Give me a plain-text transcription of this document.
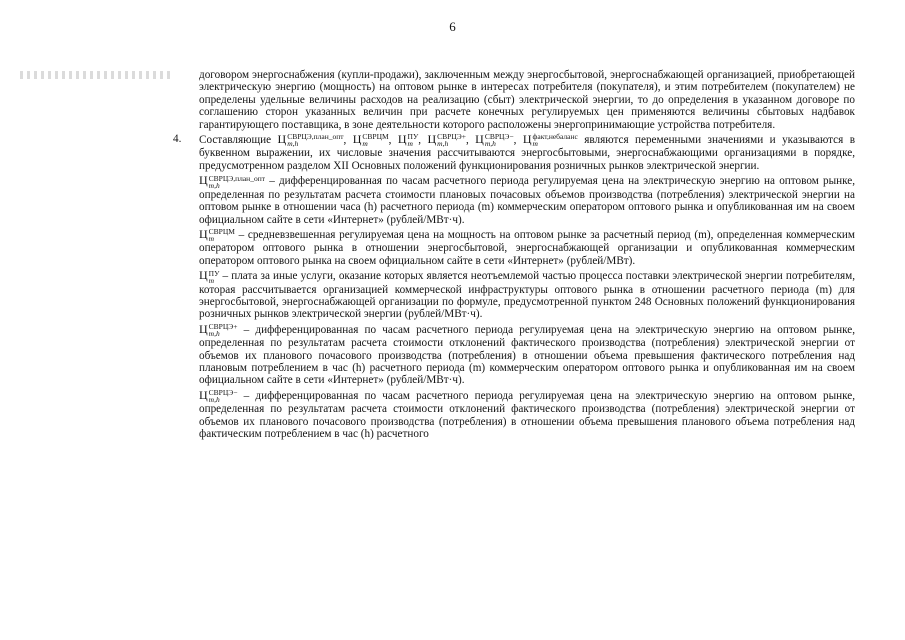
6

договором энергоснабжения (купли-продажи), заключенным между энергосбытовой, энергоснабжающей организацией, приобретающей электрическую энергию (мощность) на оптовом рынке в интересах потребителя (покупателя), и этим потребителем (покупателем) не определены удельные величины расходов на реализацию (сбыт) электрической энергии, то до определения в указанном договоре по соглашению сторон указанных величин при расчете конечных регулируемых цен применяются величины сбытовых надбавок гарантирующего поставщика, в зоне деятельности которого расположены энергопринимающие устройства потребителя.

4. Составляющие Ц СВРЦЭ,план_опт
m,h	, Ц СВРЦМ
m	, Ц ПУ
m , Ц СВРЦЭ+
m,h	, Ц СВРЦЭ−
m,h	, Ц факт,небаланс
m	являются переменными значениями и указываются в буквенном выражении, их числовые значения рассчитываются энергосбытовыми, энергоснабжающими организациями в порядке, предусмотренном разделом XII Основных положений функционирования розничных рынков электрической энергии.

Ц СВРЦЭ,план_опт
m,h	– дифференцированная по часам расчетного периода регулируемая цена на электрическую энергию на оптовом рынке, определенная по результатам расчета стоимости плановых почасовых объемов производства (потребления) электрической энергии на оптовом рынке в отношении часа (h) расчетного периода (m) коммерческим оператором оптового рынка и опубликованная им на своем официальном сайте в сети «Интернет» (рублей/МВт·ч).

Ц СВРЦМ
m	– средневзвешенная регулируемая цена на мощность на оптовом рынке за расчетный период (m), определенная коммерческим оператором оптового рынка в отношении энергосбытовой, энергоснабжающей организации и опубликованная коммерческим оператором оптового рынка на своем официальном сайте в сети «Интернет» (рублей/МВт).

Ц ПУ
m – плата за иные услуги, оказание которых является неотъемлемой частью процесса поставки электрической энергии потребителям, которая рассчитывается организацией коммерческой инфраструктуры оптового рынка в отношении расчетного периода (m) для энергосбытовой, энергоснабжающей организации по формуле, предусмотренной пунктом 248 Основных положений функционирования розничных рынков электрической энергии (рублей/МВт·ч).

Ц СВРЦЭ+
m,h	– дифференцированная по часам расчетного периода регулируемая цена на электрическую энергию на оптовом рынке, определенная по результатам расчета стоимости отклонений фактического производства (потребления) электрической энергии от объемов их планового почасового производства (потребления) в отношении объема превышения фактического потребления над плановым потреблением в час (h) расчетного периода (m) коммерческим оператором оптового рынка и опубликованная им на своем официальном сайте в сети «Интернет» (рублей/МВт·ч).

Ц СВРЦЭ−
m,h	– дифференцированная по часам расчетного периода регулируемая цена на электрическую энергию на оптовом рынке, определенная по результатам расчета стоимости отклонений фактического производства (потребления) электрической энергии от объемов их планового почасового производства (потребления) в отношении объема превышения планового объема потребления над фактическим потреблением в час (h) расчетного
